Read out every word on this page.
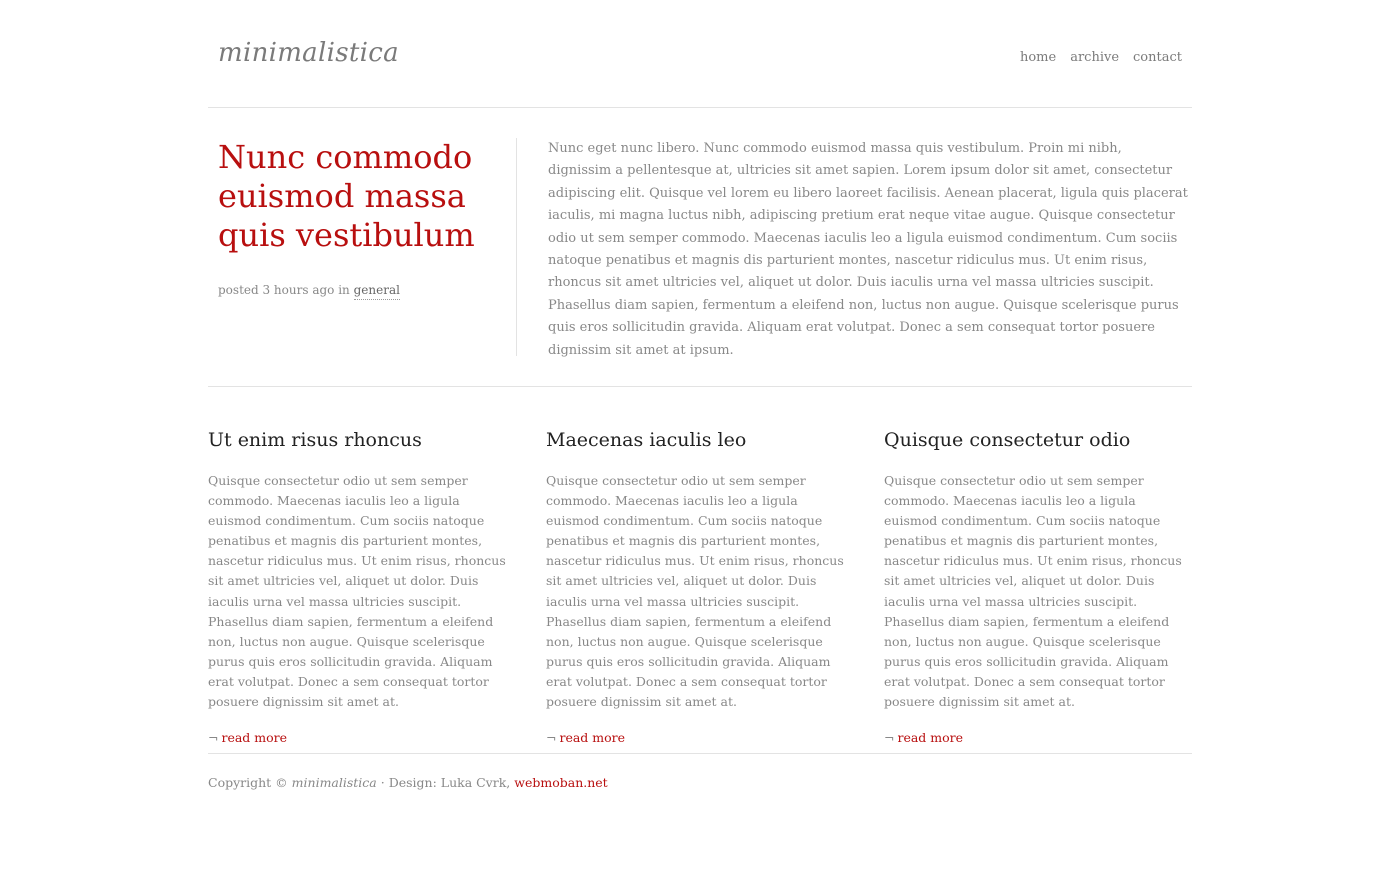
minimalistica	home archive contact
Nunc commodo
euismod massa
quis vestibulum
posted 3 hours ago in general

Nunc eget nunc libero. Nunc commodo euismod massa quis vestibulum. Proin mi nibh, dignissim a pellentesque at, ultricies sit amet sapien. Lorem ipsum dolor sit amet, consectetur adipiscing elit. Quisque vel lorem eu libero laoreet facilisis. Aenean placerat, ligula quis placerat iaculis, mi magna luctus nibh, adipiscing pretium erat neque vitae augue. Quisque consectetur odio ut sem semper commodo. Maecenas iaculis leo a ligula euismod condimentum. Cum sociis natoque penatibus et magnis dis parturient montes, nascetur ridiculus mus. Ut enim risus, rhoncus sit amet ultricies vel, aliquet ut dolor. Duis iaculis urna vel massa ultricies suscipit. Phasellus diam sapien, fermentum a eleifend non, luctus non augue. Quisque scelerisque purus quis eros sollicitudin gravida. Aliquam erat volutpat. Donec a sem consequat tortor posuere dignissim sit amet at ipsum.

Ut enim risus rhoncus

Quisque consectetur odio ut sem semper commodo. Maecenas iaculis leo a ligula euismod condimentum. Cum sociis natoque penatibus et magnis dis parturient montes, nascetur ridiculus mus. Ut enim risus, rhoncus sit amet ultricies vel, aliquet ut dolor. Duis iaculis urna vel massa ultricies suscipit. Phasellus diam sapien, fermentum a eleifend non, luctus non augue. Quisque scelerisque purus quis eros sollicitudin gravida. Aliquam erat volutpat. Donec a sem consequat tortor posuere dignissim sit amet at.

¬ read more
Maecenas iaculis leo

Quisque consectetur odio ut sem semper commodo. Maecenas iaculis leo a ligula euismod condimentum. Cum sociis natoque penatibus et magnis dis parturient montes, nascetur ridiculus mus. Ut enim risus, rhoncus sit amet ultricies vel, aliquet ut dolor. Duis iaculis urna vel massa ultricies suscipit. Phasellus diam sapien, fermentum a eleifend non, luctus non augue. Quisque scelerisque purus quis eros sollicitudin gravida. Aliquam erat volutpat. Donec a sem consequat tortor posuere dignissim sit amet at.

¬ read more
Quisque consectetur odio

Quisque consectetur odio ut sem semper commodo. Maecenas iaculis leo a ligula euismod condimentum. Cum sociis natoque penatibus et magnis dis parturient montes, nascetur ridiculus mus. Ut enim risus, rhoncus sit amet ultricies vel, aliquet ut dolor. Duis iaculis urna vel massa ultricies suscipit. Phasellus diam sapien, fermentum a eleifend non, luctus non augue. Quisque scelerisque purus quis eros sollicitudin gravida. Aliquam erat volutpat. Donec a sem consequat tortor posuere dignissim sit amet at.

¬ read more
Copyright © minimalistica · Design: Luka Cvrk, webmoban.net
